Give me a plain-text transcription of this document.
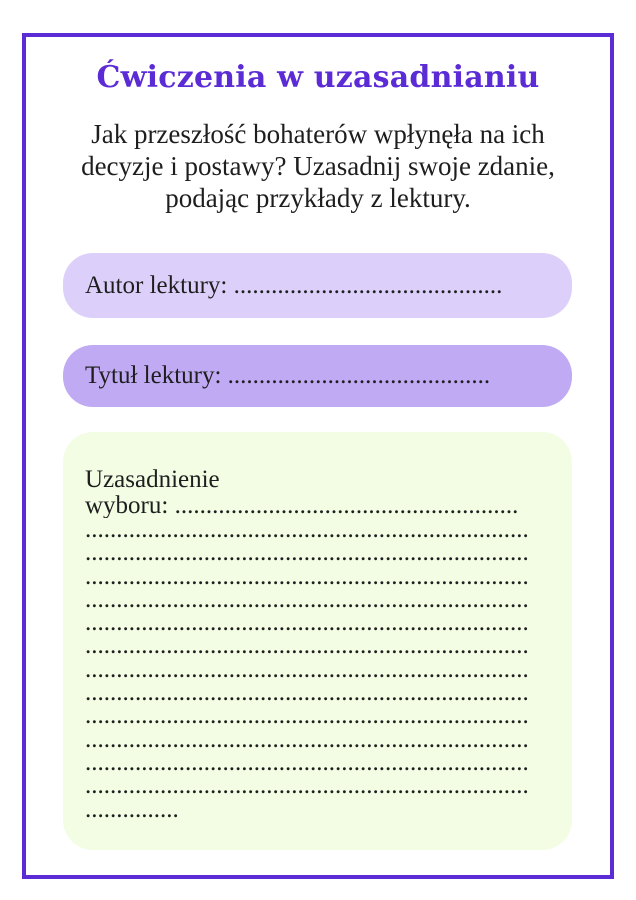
Ćwiczenia w uzasadnianiu
Jak przeszłość bohaterów wpłynęła na ich
decyzje i postawy? Uzasadnij swoje zdanie,
podając przykłady z lektury.
Autor lektury: ...........................................
Tytuł lektury: ..........................................
Uzasadnienie
wyboru: .......................................................
.......................................................................
.......................................................................
.......................................................................
.......................................................................
.......................................................................
.......................................................................
.......................................................................
.......................................................................
.......................................................................
.......................................................................
.......................................................................
.......................................................................
...............
